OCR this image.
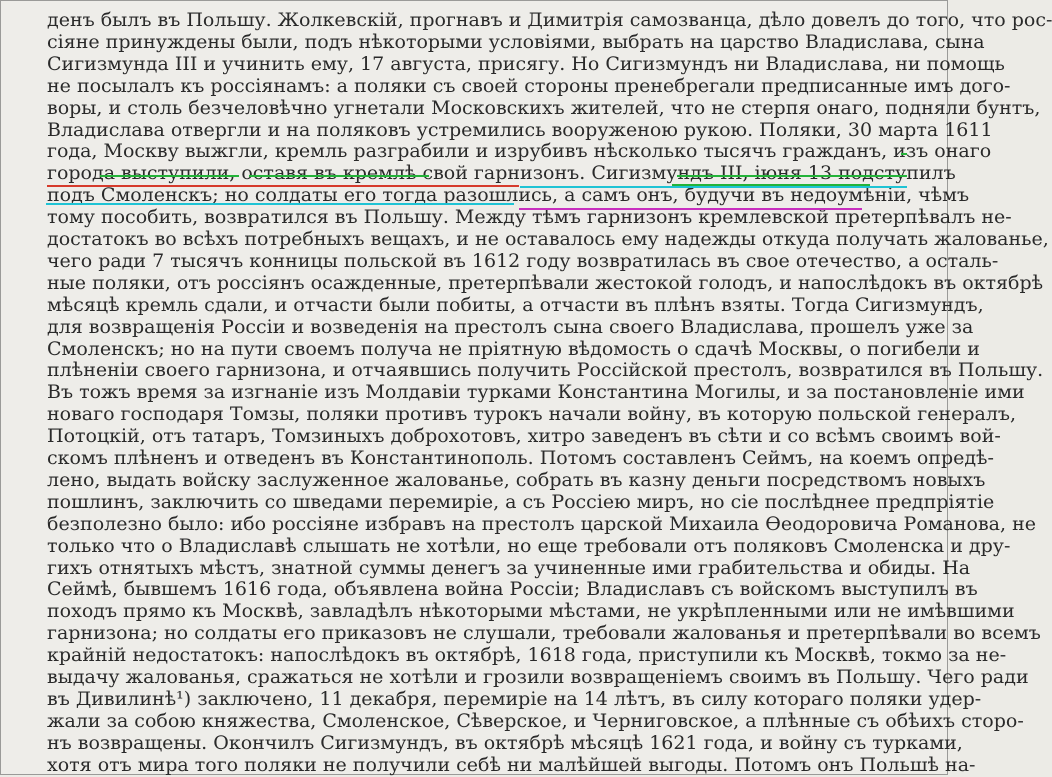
денъ былъ въ Польшу. Жолкевскій, прогнавъ и Димитрія самозванца, дѣло довелъ до того, что рос-
сіяне принуждены были, подъ нѣкоторыми условіями, выбрать на царство Владислава, сына
Сигизмунда III и учинить ему, 17 августа, присягу. Но Сигизмундъ ни Владислава, ни помощь
не посылалъ къ россіянамъ: а поляки съ своей стороны пренебрегали предписанные имъ дого-
воры, и столь безчеловѣчно угнетали Московскихъ жителей, что не стерпя онаго, подняли бунтъ,
Владислава отвергли и на поляковъ устремились вооруженою рукою. Поляки, 30 марта 1611
года, Москву выжгли, кремль разграбили и изрубивъ нѣсколько тысячъ гражданъ, изъ онаго
города выступили, оставя въ кремлѣ свой гарнизонъ. Сигизмундъ III, іюня 13 подступилъ
подъ Смоленскъ; но солдаты его тогда разошлись, а самъ онъ, будучи въ недоумѣніи, чѣмъ
тому пособить, возвратился въ Польшу. Между тѣмъ гарнизонъ кремлевской претерпѣвалъ не-
достатокъ во всѣхъ потребныхъ вещахъ, и не оставалось ему надежды откуда получать жалованье,
чего ради 7 тысячъ конницы польской въ 1612 году возвратилась въ свое отечество, а осталь-
ные поляки, отъ россіянъ осажденные, претерпѣвали жестокой голодъ, и напослѣдокъ въ октябрѣ
мѣсяцѣ кремль сдали, и отчасти были побиты, а отчасти въ плѣнъ взяты. Тогда Сигизмундъ,
для возвращенія Россіи и возведенія на престолъ сына своего Владислава, прошелъ уже за
Смоленскъ; но на пути своемъ получа не пріятную вѣдомость о сдачѣ Москвы, о погибели и
плѣненіи своего гарнизона, и отчаявшись получить Россійской престолъ, возвратился въ Польшу.
Въ тожъ время за изгнаніе изъ Молдавіи турками Константина Могилы, и за постановленіе ими
новаго господаря Томзы, поляки противъ турокъ начали войну, въ которую польской генералъ,
Потоцкій, отъ татаръ, Томзиныхъ доброхотовъ, хитро заведенъ въ сѣти и со всѣмъ своимъ вой-
скомъ плѣненъ и отведенъ въ Константинополь. Потомъ составленъ Сеймъ, на коемъ опредѣ-
лено, выдать войску заслуженное жалованье, собрать въ казну деньги посредствомъ новыхъ
пошлинъ, заключить со шведами перемиріе, а съ Россіею миръ, но сіе послѣднее предпріятіе
безполезно было: ибо россіяне избравъ на престолъ царской Михаила Ѳеодоровича Романова, не
только что о Владиславѣ слышать не хотѣли, но еще требовали отъ поляковъ Смоленска и дру-
гихъ отнятыхъ мѣстъ, знатной суммы денегъ за учиненные ими грабительства и обиды. На
Сеймѣ, бывшемъ 1616 года, объявлена война Россіи; Владиславъ съ войскомъ выступилъ въ
походъ прямо къ Москвѣ, завладѣлъ нѣкоторыми мѣстами, не укрѣпленными или не имѣвшими
гарнизона; но солдаты его приказовъ не слушали, требовали жалованья и претерпѣвали во всемъ
крайній недостатокъ: напослѣдокъ въ октябрѣ, 1618 года, приступили къ Москвѣ, токмо за не-
выдачу жалованья, сражаться не хотѣли и грозили возвращеніемъ своимъ въ Польшу. Чего ради
въ Дивилинѣ¹) заключено, 11 декабря, перемиріе на 14 лѣтъ, въ силу котораго поляки удер-
жали за собою княжества, Смоленское, Сѣверское, и Черниговское, а плѣнные съ обѣихъ сторо-
нъ возвращены. Окончилъ Сигизмундъ, въ октябрѣ мѣсяцѣ 1621 года, и войну съ турками,
хотя отъ мира того поляки не получили себѣ ни малѣйшей выгоды. Потомъ онъ Польшѣ на-
